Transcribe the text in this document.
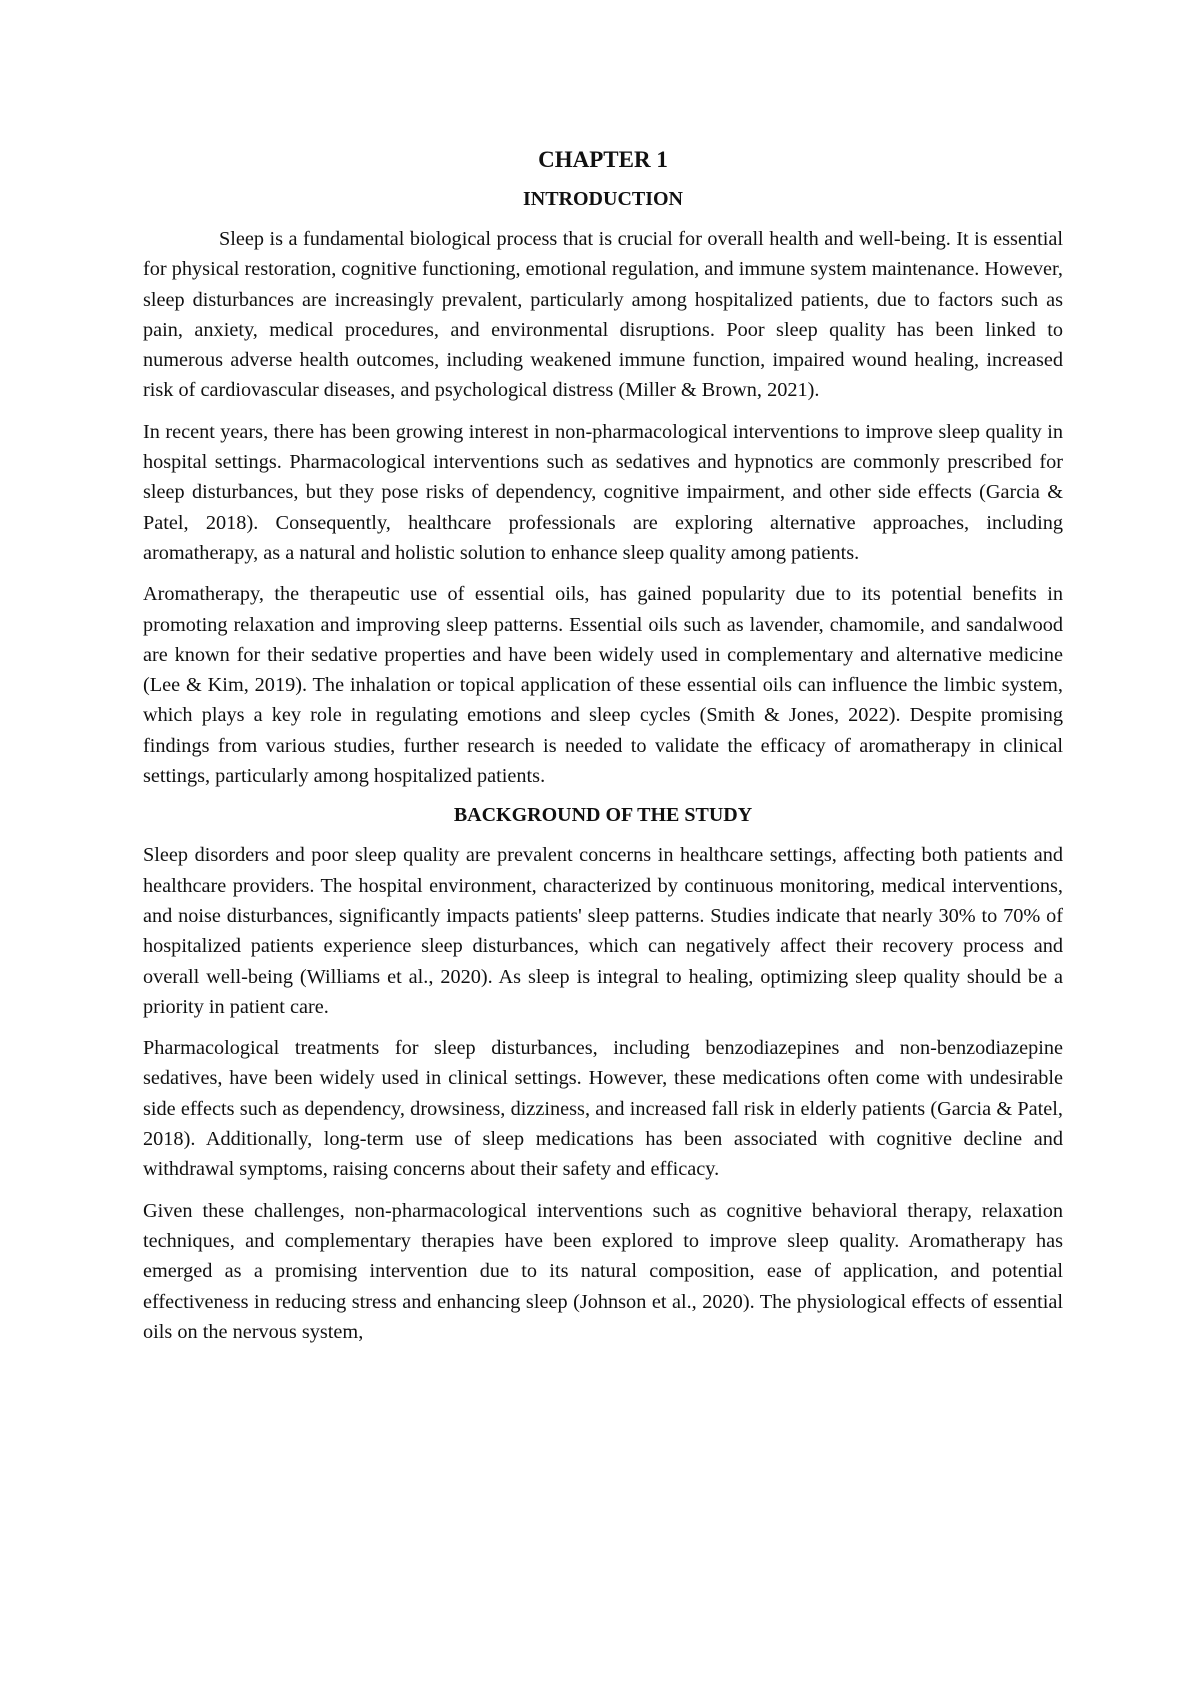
CHAPTER 1
INTRODUCTION

Sleep is a fundamental biological process that is crucial for overall health and well-being. It is essential for physical restoration, cognitive functioning, emotional regulation, and immune system maintenance. However, sleep disturbances are increasingly prevalent, particularly among hospitalized patients, due to factors such as pain, anxiety, medical procedures, and environmental disruptions. Poor sleep quality has been linked to numerous adverse health outcomes, including weakened immune function, impaired wound healing, increased risk of cardiovascular diseases, and psychological distress (Miller & Brown, 2021).

In recent years, there has been growing interest in non-pharmacological interventions to improve sleep quality in hospital settings. Pharmacological interventions such as sedatives and hypnotics are commonly prescribed for sleep disturbances, but they pose risks of dependency, cognitive impairment, and other side effects (Garcia & Patel, 2018). Consequently, healthcare professionals are exploring alternative approaches, including aromatherapy, as a natural and holistic solution to enhance sleep quality among patients.

Aromatherapy, the therapeutic use of essential oils, has gained popularity due to its potential benefits in promoting relaxation and improving sleep patterns. Essential oils such as lavender, chamomile, and sandalwood are known for their sedative properties and have been widely used in complementary and alternative medicine (Lee & Kim, 2019). The inhalation or topical application of these essential oils can influence the limbic system, which plays a key role in regulating emotions and sleep cycles (Smith & Jones, 2022). Despite promising findings from various studies, further research is needed to validate the efficacy of aromatherapy in clinical settings, particularly among hospitalized patients.

BACKGROUND OF THE STUDY

Sleep disorders and poor sleep quality are prevalent concerns in healthcare settings, affecting both patients and healthcare providers. The hospital environment, characterized by continuous monitoring, medical interventions, and noise disturbances, significantly impacts patients' sleep patterns. Studies indicate that nearly 30% to 70% of hospitalized patients experience sleep disturbances, which can negatively affect their recovery process and overall well-being (Williams et al., 2020). As sleep is integral to healing, optimizing sleep quality should be a priority in patient care.

Pharmacological treatments for sleep disturbances, including benzodiazepines and non-benzodiazepine sedatives, have been widely used in clinical settings. However, these medications often come with undesirable side effects such as dependency, drowsiness, dizziness, and increased fall risk in elderly patients (Garcia & Patel, 2018). Additionally, long-term use of sleep medications has been associated with cognitive decline and withdrawal symptoms, raising concerns about their safety and efficacy.

Given these challenges, non-pharmacological interventions such as cognitive behavioral therapy, relaxation techniques, and complementary therapies have been explored to improve sleep quality. Aromatherapy has emerged as a promising intervention due to its natural composition, ease of application, and potential effectiveness in reducing stress and enhancing sleep (Johnson et al., 2020). The physiological effects of essential oils on the nervous system,
